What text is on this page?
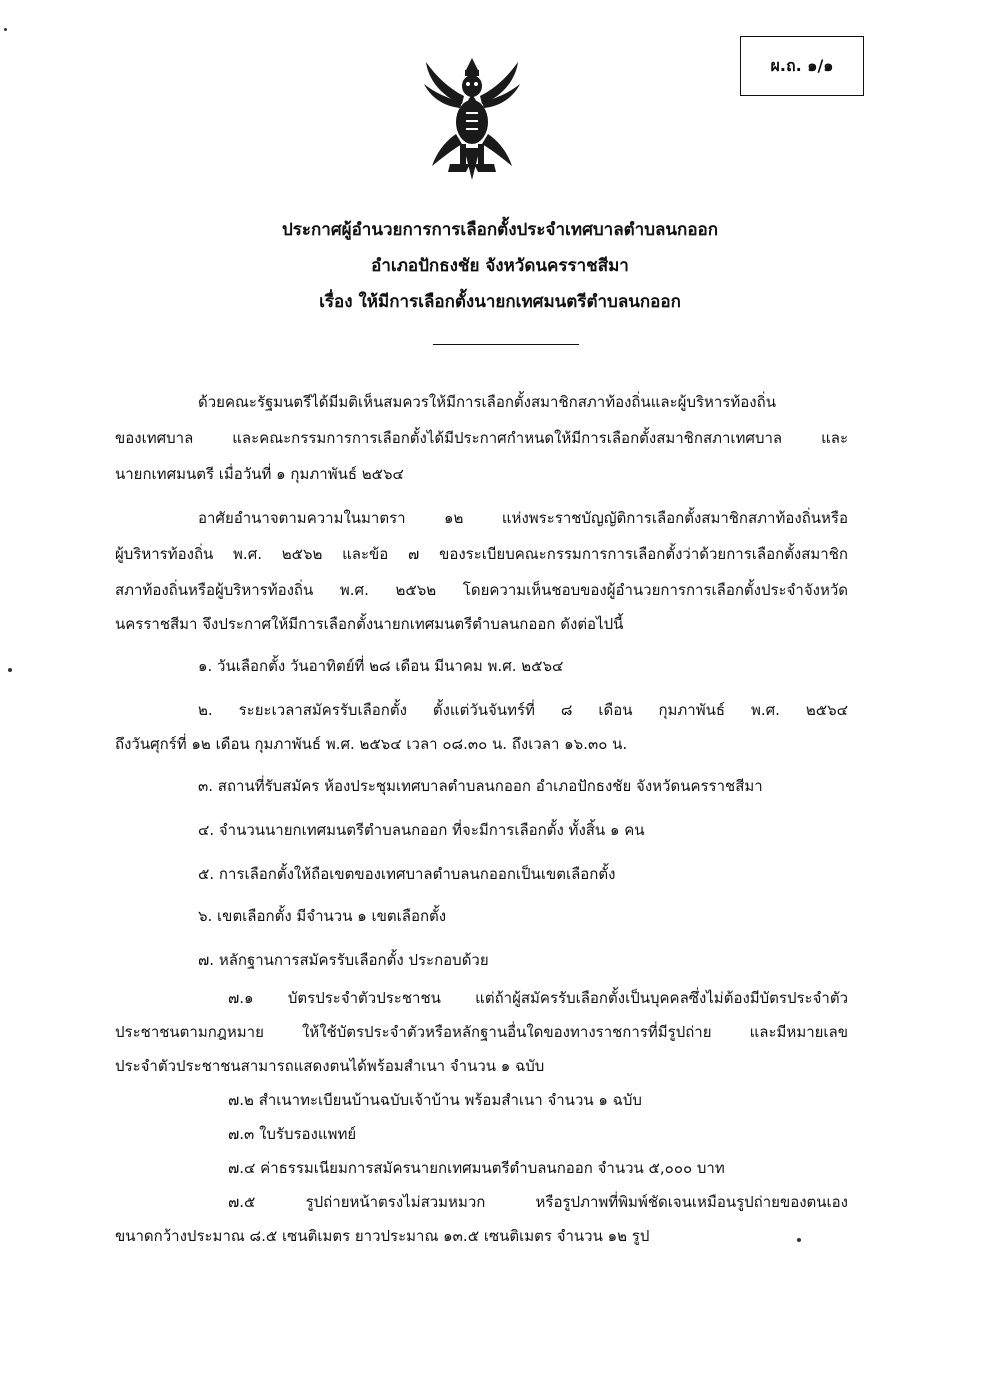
ผ.ถ. ๑/๑
ประกาศผู้อำนวยการการเลือกตั้งประจำเทศบาลตำบลนกออก
อำเภอปักธงชัย จังหวัดนครราชสีมา
เรื่อง ให้มีการเลือกตั้งนายกเทศมนตรีตำบลนกออก
ด้วยคณะรัฐมนตรีได้มีมติเห็นสมควรให้มีการเลือกตั้งสมาชิกสภาท้องถิ่นและผู้บริหารท้องถิ่น
ของเทศบาล และคณะกรรมการการเลือกตั้งได้มีประกาศกำหนดให้มีการเลือกตั้งสมาชิกสภาเทศบาล และ
นายกเทศมนตรี เมื่อวันที่ ๑ กุมภาพันธ์ ๒๕๖๔
อาศัยอำนาจตามความในมาตรา ๑๒ แห่งพระราชบัญญัติการเลือกตั้งสมาชิกสภาท้องถิ่นหรือ
ผู้บริหารท้องถิ่น พ.ศ. ๒๕๖๒ และข้อ ๗ ของระเบียบคณะกรรมการการเลือกตั้งว่าด้วยการเลือกตั้งสมาชิก
สภาท้องถิ่นหรือผู้บริหารท้องถิ่น พ.ศ. ๒๕๖๒ โดยความเห็นชอบของผู้อำนวยการการเลือกตั้งประจำจังหวัด
นครราชสีมา จึงประกาศให้มีการเลือกตั้งนายกเทศมนตรีตำบลนกออก ดังต่อไปนี้
๑. วันเลือกตั้ง วันอาทิตย์ที่ ๒๘ เดือน มีนาคม พ.ศ. ๒๕๖๔
๒. ระยะเวลาสมัครรับเลือกตั้ง ตั้งแต่วันจันทร์ที่ ๘ เดือน กุมภาพันธ์ พ.ศ. ๒๕๖๔
ถึงวันศุกร์ที่ ๑๒ เดือน กุมภาพันธ์ พ.ศ. ๒๕๖๔ เวลา ๐๘.๓๐ น. ถึงเวลา ๑๖.๓๐ น.
๓. สถานที่รับสมัคร ห้องประชุมเทศบาลตำบลนกออก อำเภอปักธงชัย จังหวัดนครราชสีมา
๔. จำนวนนายกเทศมนตรีตำบลนกออก ที่จะมีการเลือกตั้ง ทั้งสิ้น ๑ คน
๕. การเลือกตั้งให้ถือเขตของเทศบาลตำบลนกออกเป็นเขตเลือกตั้ง
๖. เขตเลือกตั้ง มีจำนวน ๑ เขตเลือกตั้ง
๗. หลักฐานการสมัครรับเลือกตั้ง ประกอบด้วย
๗.๑ บัตรประจำตัวประชาชน แต่ถ้าผู้สมัครรับเลือกตั้งเป็นบุคคลซึ่งไม่ต้องมีบัตรประจำตัว
ประชาชนตามกฎหมาย ให้ใช้บัตรประจำตัวหรือหลักฐานอื่นใดของทางราชการที่มีรูปถ่าย และมีหมายเลข
ประจำตัวประชาชนสามารถแสดงตนได้พร้อมสำเนา จำนวน ๑ ฉบับ
๗.๒ สำเนาทะเบียนบ้านฉบับเจ้าบ้าน พร้อมสำเนา จำนวน ๑ ฉบับ
๗.๓ ใบรับรองแพทย์
๗.๔ ค่าธรรมเนียมการสมัครนายกเทศมนตรีตำบลนกออก จำนวน ๕,๐๐๐ บาท
๗.๕ รูปถ่ายหน้าตรงไม่สวมหมวก หรือรูปภาพที่พิมพ์ชัดเจนเหมือนรูปถ่ายของตนเอง
ขนาดกว้างประมาณ ๘.๕ เซนติเมตร ยาวประมาณ ๑๓.๕ เซนติเมตร จำนวน ๑๒ รูป
